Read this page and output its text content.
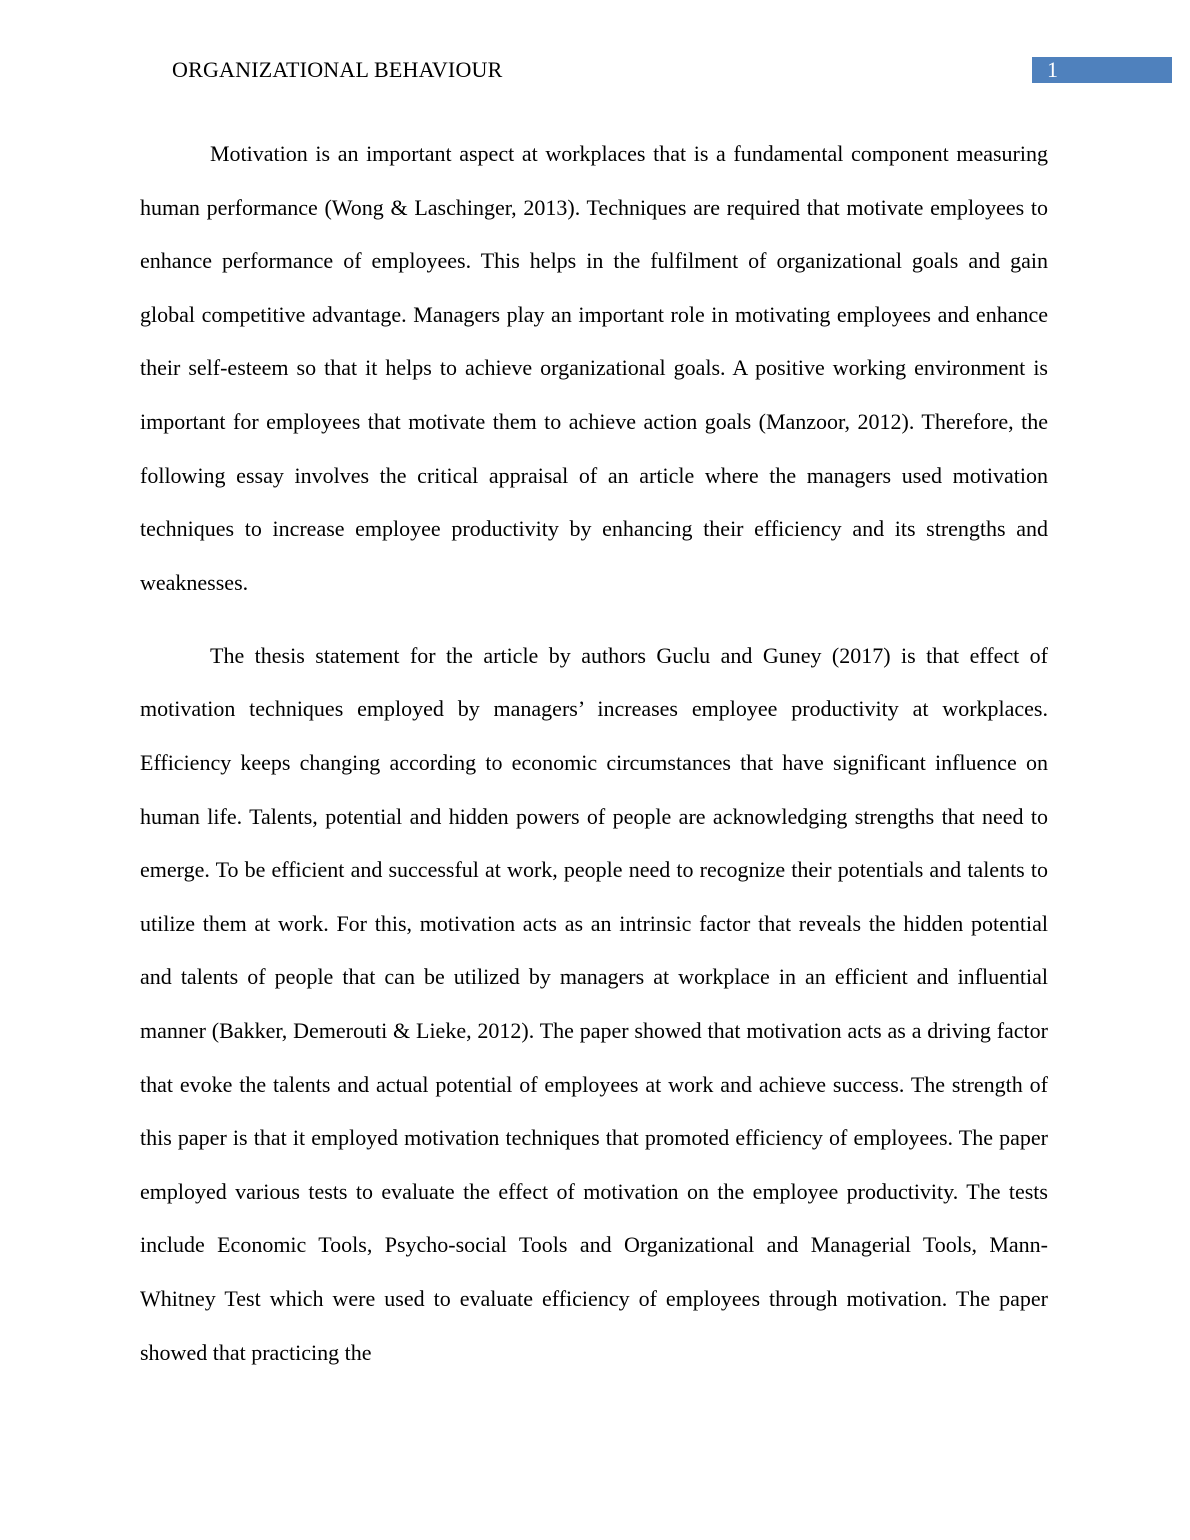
ORGANIZATIONAL BEHAVIOUR	1

Motivation is an important aspect at workplaces that is a fundamental component measuring human performance (Wong & Laschinger, 2013). Techniques are required that motivate employees to enhance performance of employees. This helps in the fulfilment of organizational goals and gain global competitive advantage. Managers play an important role in motivating employees and enhance their self-esteem so that it helps to achieve organizational goals. A positive working environment is important for employees that motivate them to achieve action goals (Manzoor, 2012). Therefore, the following essay involves the critical appraisal of an article where the managers used motivation techniques to increase employee productivity by enhancing their efficiency and its strengths and weaknesses.

The thesis statement for the article by authors Guclu and Guney (2017) is that effect of motivation techniques employed by managers’ increases employee productivity at workplaces. Efficiency keeps changing according to economic circumstances that have significant influence on human life. Talents, potential and hidden powers of people are acknowledging strengths that need to emerge. To be efficient and successful at work, people need to recognize their potentials and talents to utilize them at work. For this, motivation acts as an intrinsic factor that reveals the hidden potential and talents of people that can be utilized by managers at workplace in an efficient and influential manner (Bakker, Demerouti & Lieke, 2012). The paper showed that motivation acts as a driving factor that evoke the talents and actual potential of employees at work and achieve success. The strength of this paper is that it employed motivation techniques that promoted efficiency of employees. The paper employed various tests to evaluate the effect of motivation on the employee productivity. The tests include Economic Tools, Psycho-social Tools and Organizational and Managerial Tools, Mann-Whitney Test which were used to evaluate efficiency of employees through motivation. The paper showed that practicing the
